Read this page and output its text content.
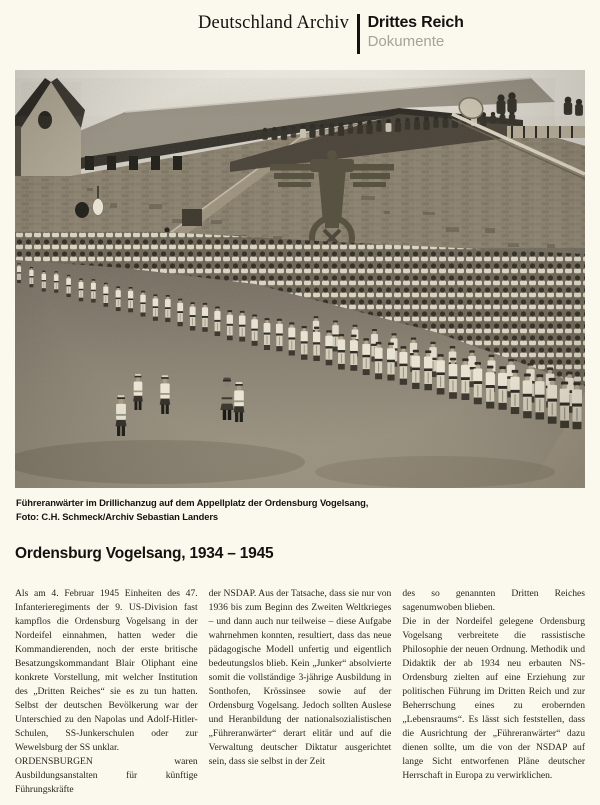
Deutschland Archiv Drittes Reich
Dokumente

Führeranwärter im Drillichanzug auf dem Appellplatz der Ordensburg Vogelsang,
Foto: C.H. Schmeck/Archiv Sebastian Landers

Ordensburg Vogelsang, 1934 – 1945
Als am 4. Februar 1945 Einheiten des 47. Infanterieregiments der 9. US-Division fast kampflos die Ordensburg Vogelsang in der Nordeifel einnahmen, hatten weder die Kommandierenden, noch der erste britische Besatzungskommandant Blair Oliphant eine konkrete Vorstellung, mit welcher Institution des „Dritten Reiches“ sie es zu tun hatten. Selbst der deutschen Bevölkerung war der Unterschied zu den Napolas und Adolf-Hitler-Schulen, SS-Junkerschulen oder zur Wewelsburg der SS unklar.
ORDENSBURGEN waren Ausbildungsanstalten für künftige Führungskräfte
der NSDAP. Aus der Tatsache, dass sie nur von 1936 bis zum Beginn des Zweiten Weltkrieges – und dann auch nur teilweise – diese Aufgabe wahrnehmen konnten, resultiert, dass das neue pädagogische Modell unfertig und eigentlich bedeutungslos blieb. Kein „Junker“ absolvierte somit die vollständige 3-jährige Ausbildung in Sonthofen, Krössinsee sowie auf der Ordensburg Vogelsang. Jedoch sollten Auslese und Heranbildung der nationalsozialistischen „Führeranwärter“ derart elitär und auf die Verwaltung deutscher Diktatur ausgerichtet sein, dass sie selbst in der Zeit
des so genannten Dritten Reiches sagenumwoben blieben.
Die in der Nordeifel gelegene Ordensburg Vogelsang verbreitete die rassistische Philosophie der neuen Ordnung. Methodik und Didaktik der ab 1934 neu erbauten NS-Ordensburg zielten auf eine Erziehung zur politischen Führung im Dritten Reich und zur Beherrschung eines zu erobernden „Lebensraums“. Es lässt sich feststellen, dass die Ausrichtung der „Führeranwärter“ dazu dienen sollte, um die von der NSDAP auf lange Sicht entworfenen Pläne deutscher Herrschaft in Europa zu verwirklichen.
